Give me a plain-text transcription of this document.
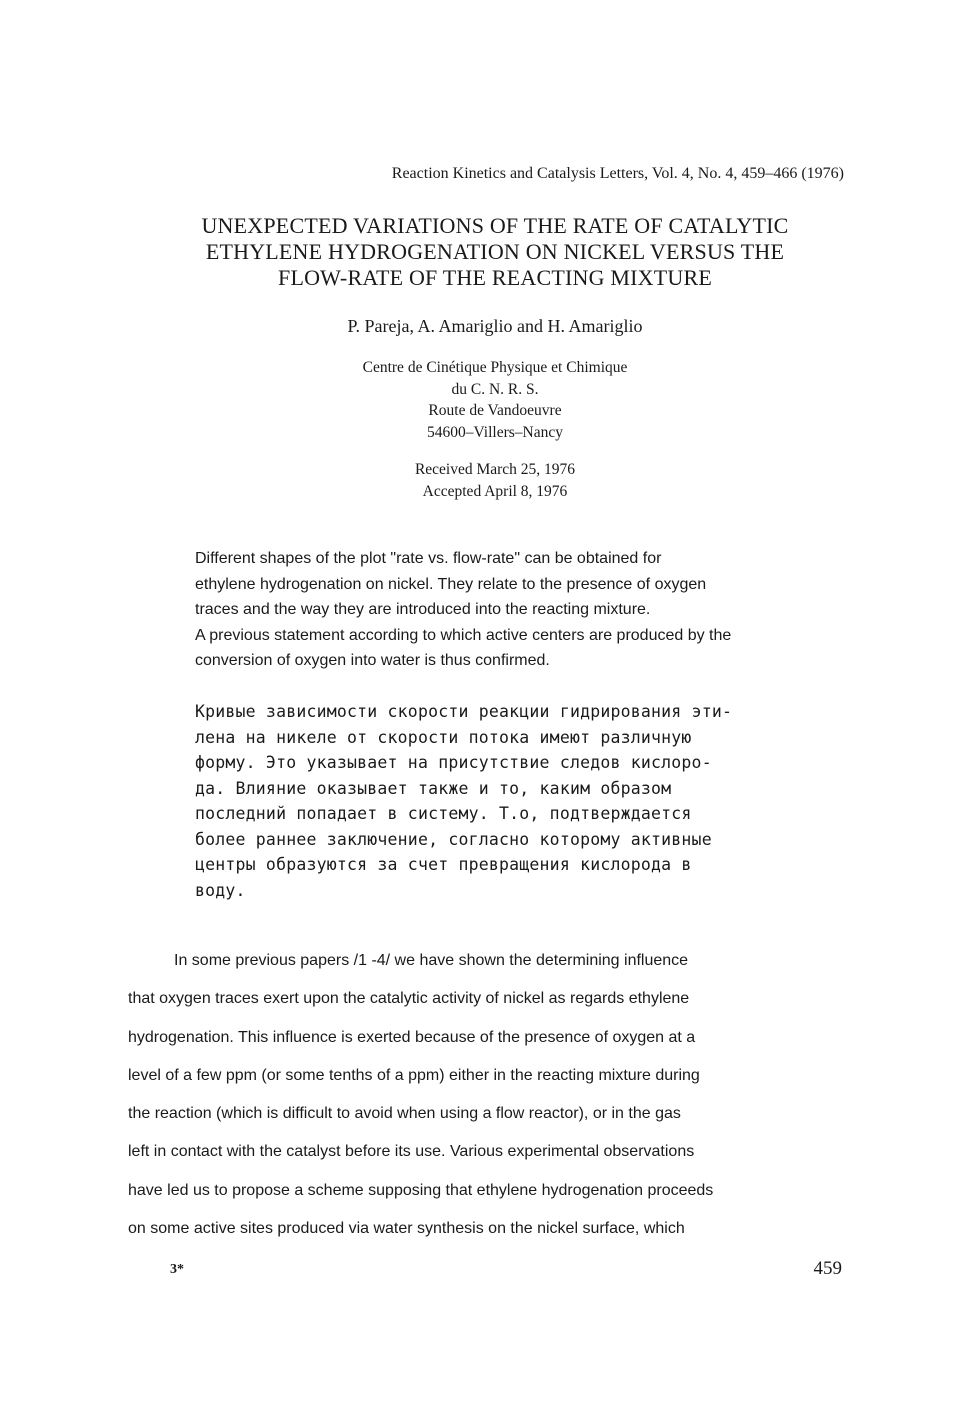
Reaction Kinetics and Catalysis Letters, Vol. 4, No. 4, 459–466 (1976)
UNEXPECTED VARIATIONS OF THE RATE OF CATALYTIC
ETHYLENE HYDROGENATION ON NICKEL VERSUS THE
FLOW-RATE OF THE REACTING MIXTURE
P. Pareja, A. Amariglio and H. Amariglio
Centre de Cinétique Physique et Chimique
du C. N. R. S.
Route de Vandoeuvre
54600–Villers–Nancy
Received March 25, 1976
Accepted April 8, 1976
Different shapes of the plot "rate vs. flow-rate" can be obtained for
ethylene hydrogenation on nickel. They relate to the presence of oxygen
traces and the way they are introduced into the reacting mixture.
A previous statement according to which active centers are produced by the
conversion of oxygen into water is thus confirmed.
Кривые зависимости скорости реакции гидрирования эти-
лена на никеле от скорости потока имеют различную
форму. Это указывает на присутствие следов кислоро-
да. Влияние оказывает также и то, каким образом
последний попадает в систему. Т.о, подтверждается
более раннее заключение, согласно которому активные
центры образуются за счет превращения кислорода в
воду.
In some previous papers /1 -4/ we have shown the determining influence
that oxygen traces exert upon the catalytic activity of nickel as regards ethylene
hydrogenation. This influence is exerted because of the presence of oxygen at a
level of a few ppm (or some tenths of a ppm) either in the reacting mixture during
the reaction (which is difficult to avoid when using a flow reactor), or in the gas
left in contact with the catalyst before its use. Various experimental observations
have led us to propose a scheme supposing that ethylene hydrogenation proceeds
on some active sites produced via water synthesis on the nickel surface, which
3*	459
